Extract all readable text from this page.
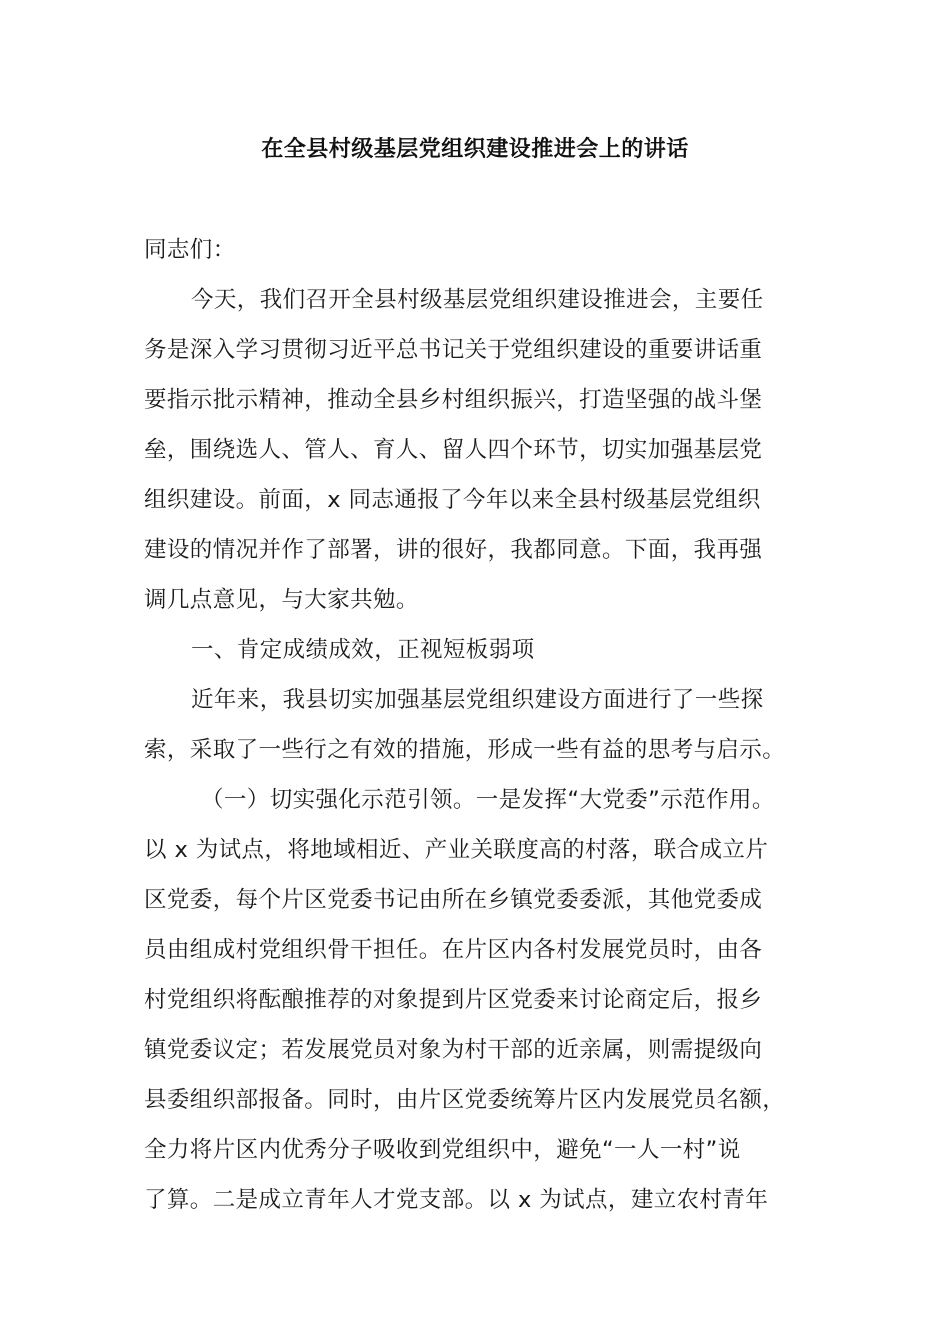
在全县村级基层党组织建设推进会上的讲话
同志们：
今天，我们召开全县村级基层党组织建设推进会，主要任
务是深入学习贯彻习近平总书记关于党组织建设的重要讲话重
要指示批示精神，推动全县乡村组织振兴，打造坚强的战斗堡
垒，围绕选人、管人、育人、留人四个环节，切实加强基层党
组织建设。前面，x 同志通报了今年以来全县村级基层党组织
建设的情况并作了部署，讲的很好，我都同意。下面，我再强
调几点意见，与大家共勉。
一、肯定成绩成效，正视短板弱项
近年来，我县切实加强基层党组织建设方面进行了一些探
索，采取了一些行之有效的措施，形成一些有益的思考与启示。
（一）切实强化示范引领。一是发挥“大党委”示范作用。
以 x 为试点，将地域相近、产业关联度高的村落，联合成立片
区党委，每个片区党委书记由所在乡镇党委委派，其他党委成
员由组成村党组织骨干担任。在片区内各村发展党员时，由各
村党组织将酝酿推荐的对象提到片区党委来讨论商定后，报乡
镇党委议定；若发展党员对象为村干部的近亲属，则需提级向
县委组织部报备。同时，由片区党委统筹片区内发展党员名额，
全力将片区内优秀分子吸收到党组织中，避免“一人一村”说
了算。二是成立青年人才党支部。以 x 为试点，建立农村青年
